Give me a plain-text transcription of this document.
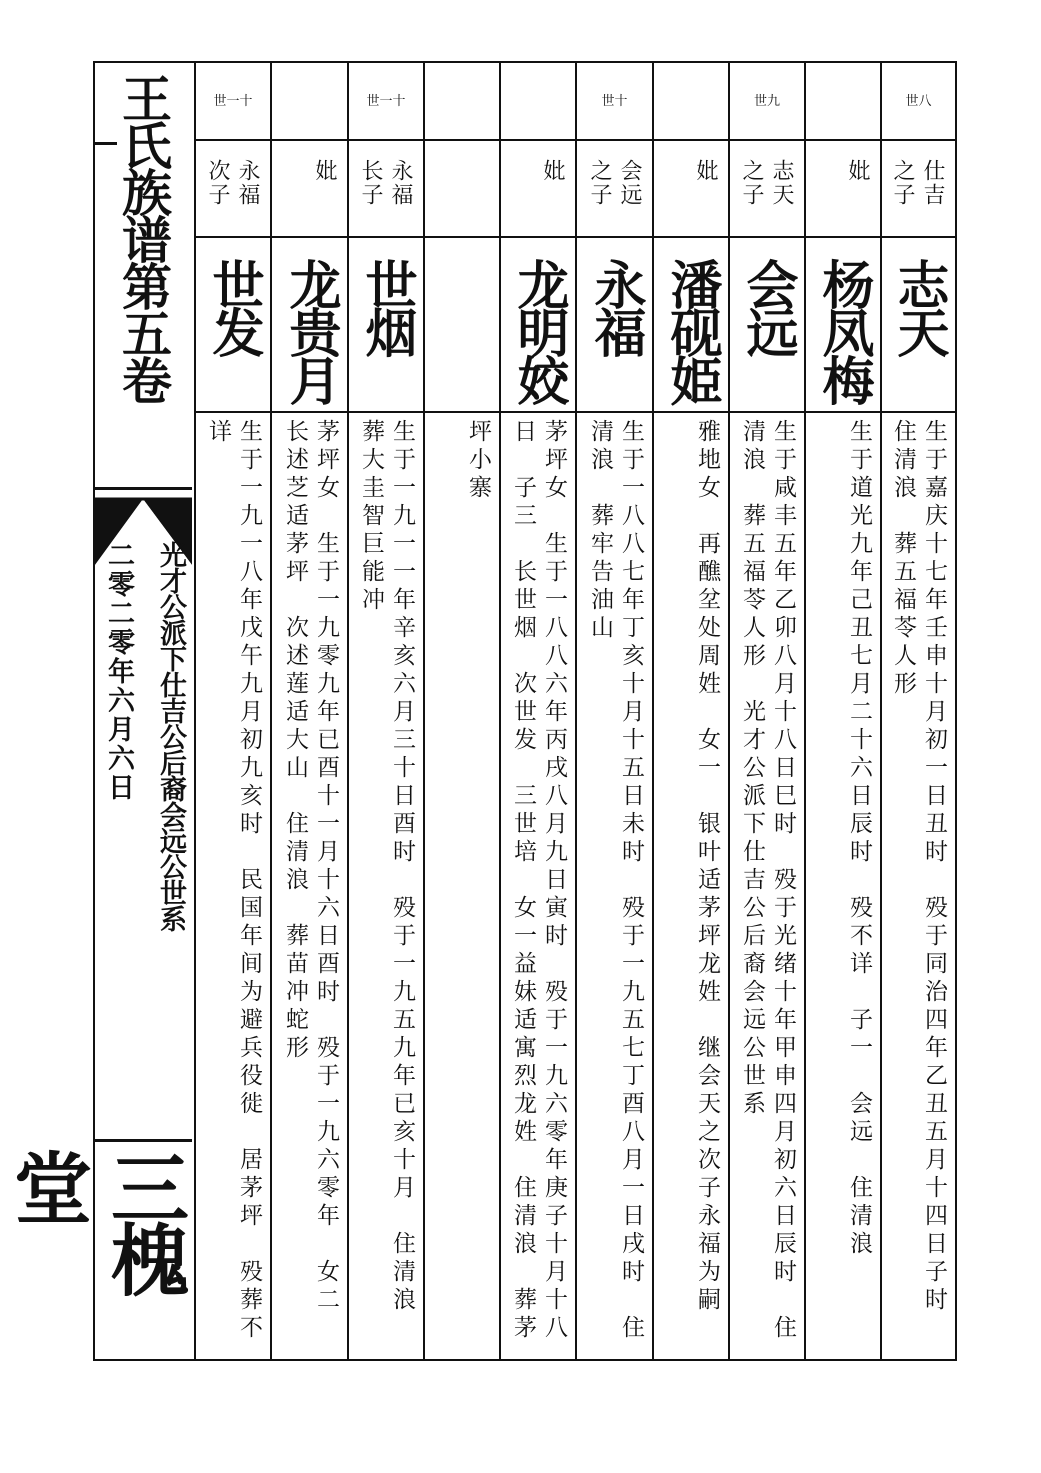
王氏族谱第五卷
光才公派下仕吉公后裔会远公世系
二零二零年六月六日
三槐堂
世一十
永福 次子
世发
生于一九一八年戊午九月初九亥时　民国年间为避兵役徙　居茅坪　殁葬不
详
妣
龙贵月
茅坪女　生于一九零九年已酉十一月十六日酉时　殁于一九六零年　女二
长述芝适茅坪　次述莲适大山　住清浪　葬苗冲蛇形
世一十
永福 长子
世烟
生于一九一一年辛亥六月三十日酉时　殁于一九五九年已亥十月　住清浪
葬大圭智巨能冲	坪小寨
妣
龙明姣
茅坪女　生于一八八六年丙戌八月九日寅时　殁于一九六零年庚子十月十八
日　子三　长世烟　次世发　三世培　女一益妹适寓烈龙姓　住清浪　葬茅
世十
会远 之子
永福
生于一八八七年丁亥十月十五日未时　殁于一九五七丁酉八月一日戌时　住
清浪　葬牢告油山
妣
潘砚姫
雅地女　再醮坌处周姓　女一　银叶适茅坪龙姓　继会天之次子永福为嗣
世九
志天 之子
会远
生于咸丰五年乙卯八月十八日巳时　殁于光绪十年甲申四月初六日辰时　住
清浪　葬五福苓人形　光才公派下仕吉公后裔会远公世系
妣
杨凤梅
生于道光九年己丑七月二十六日辰时　殁不详　子一　会远　住清浪
世八
仕吉 之子
志天
生于嘉庆十七年壬申十月初一日丑时　殁于同治四年乙丑五月十四日子时
住清浪　葬五福苓人形
